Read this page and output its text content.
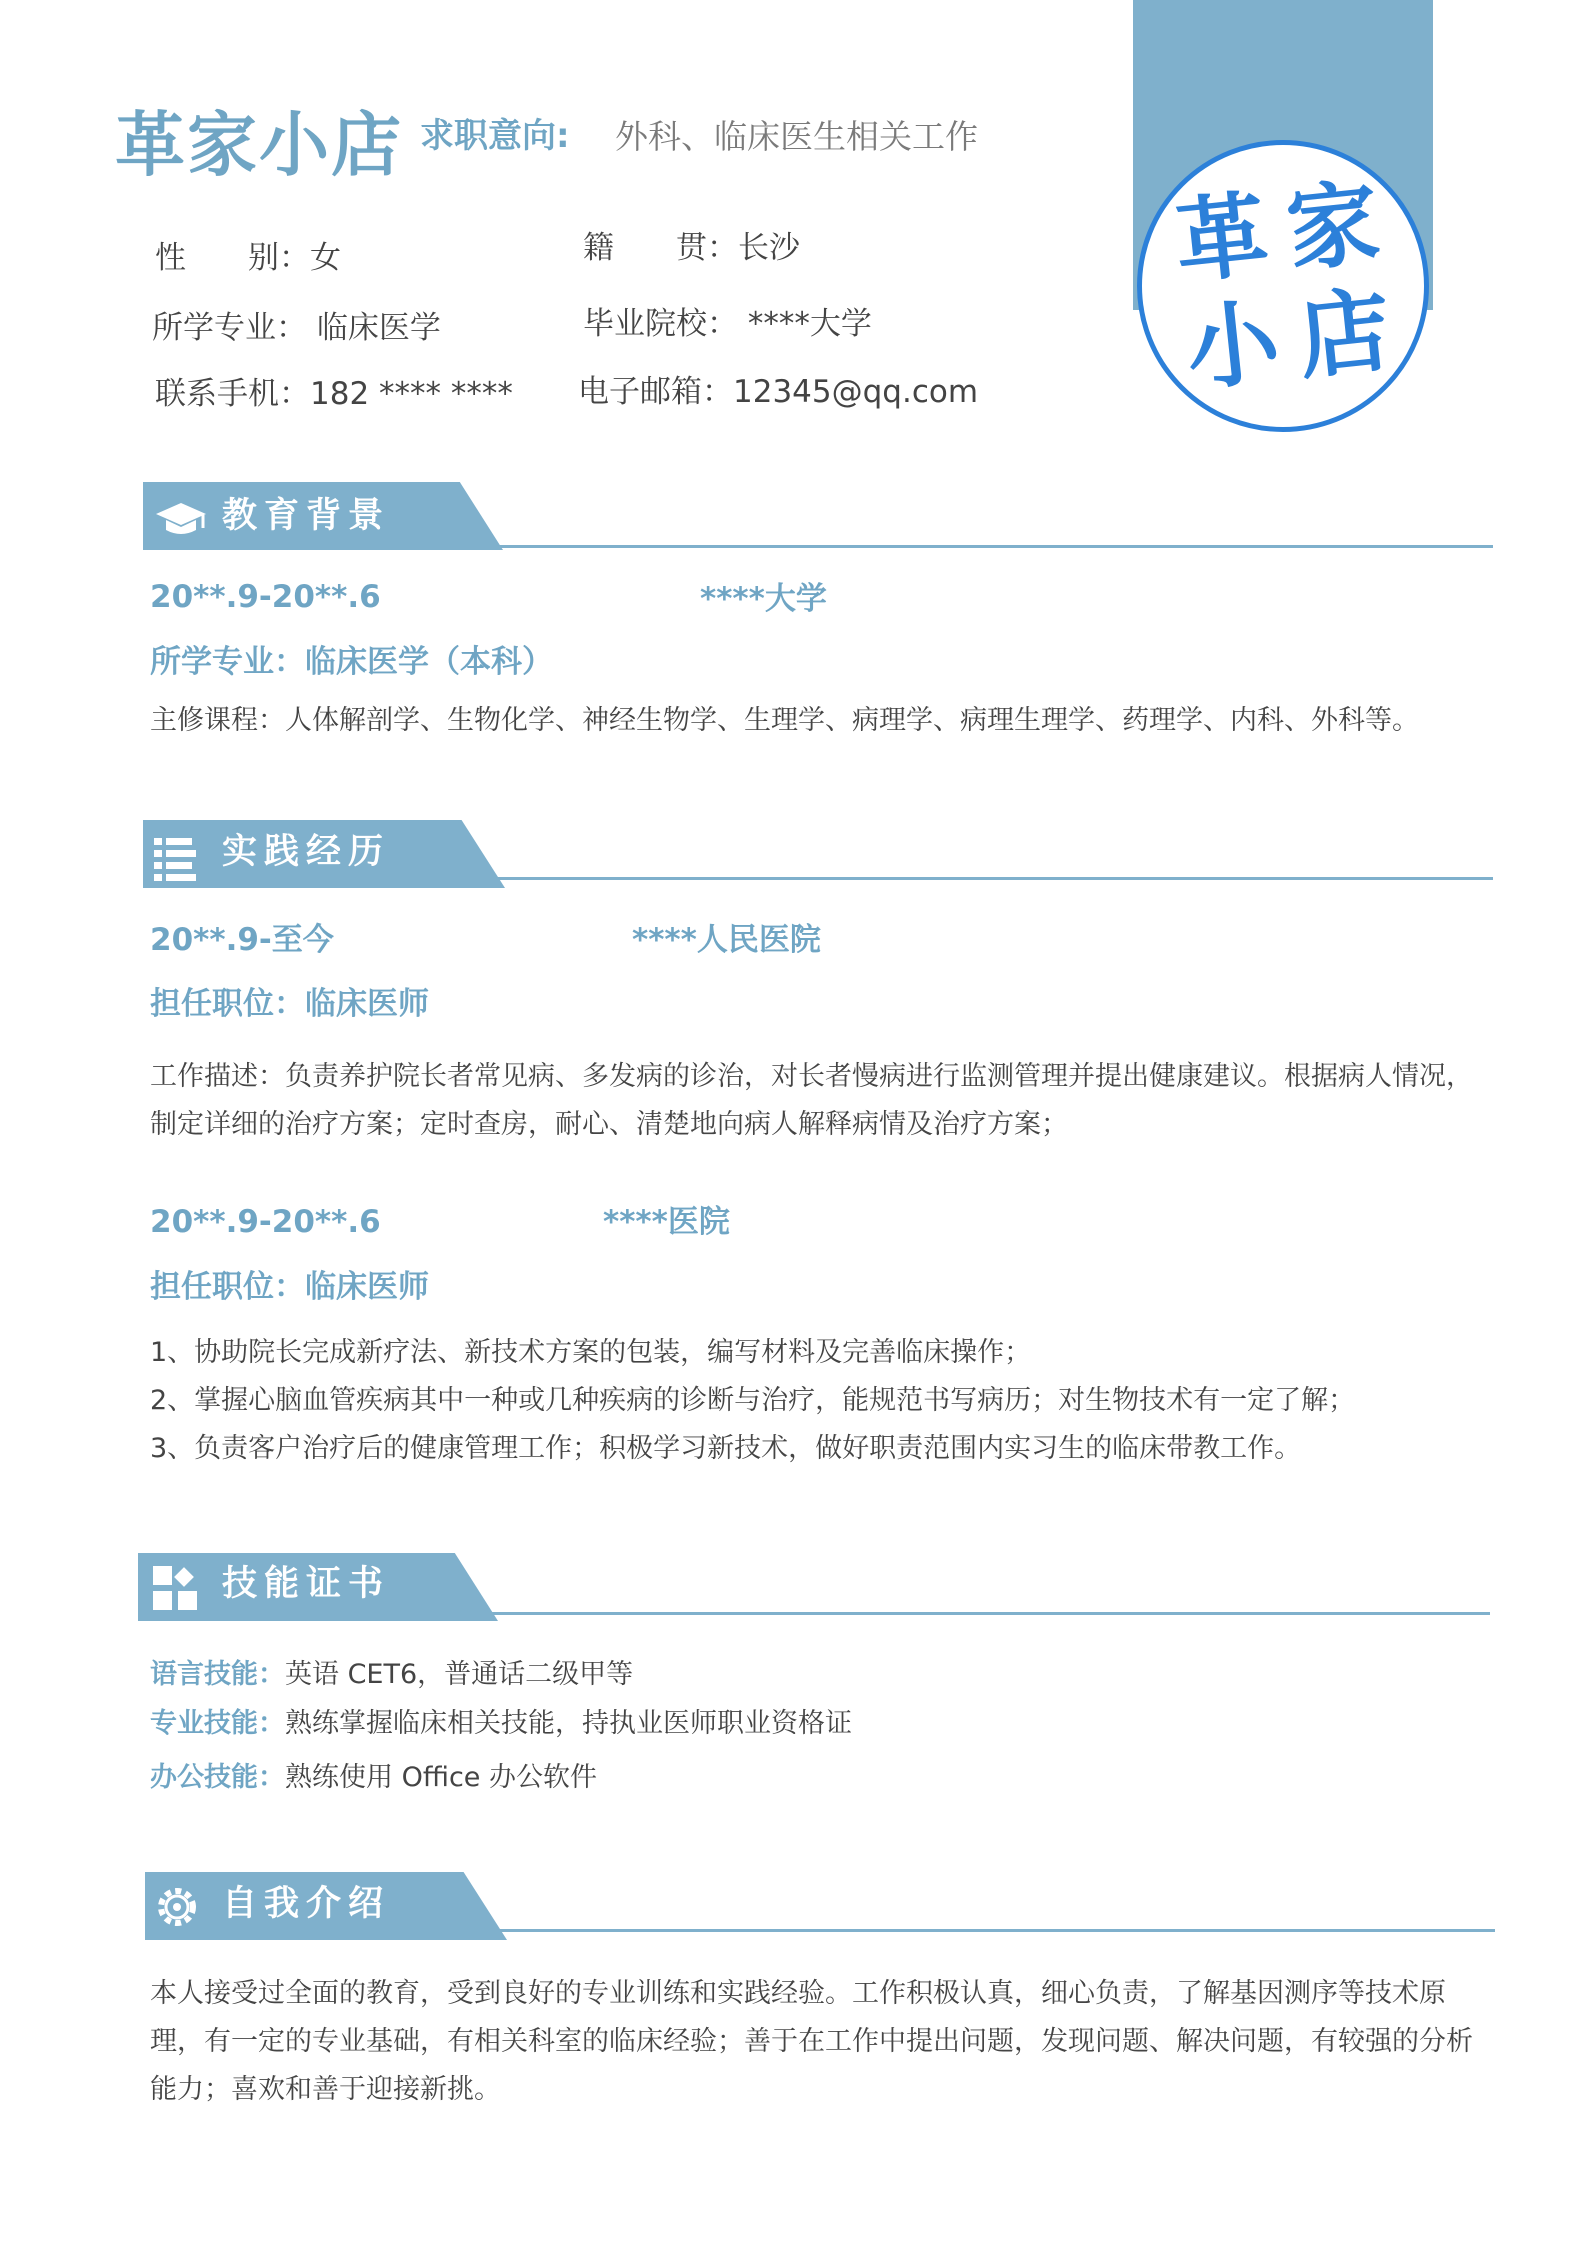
革 家
小 店
革家小店 求职意向: 外科、临床医生相关工作
性　　别：女	籍　　贯：长沙
所学专业： 临床医学	毕业院校： ****大学
联系手机：182 **** **** 电子邮箱：12345@qq.com
教育背景
20**.9-20**.6	****大学
所学专业：临床医学（本科）
主修课程：人体解剖学、生物化学、神经生物学、生理学、病理学、病理生理学、药理学、内科、外科等。
实践经历
20**.9-至今	****人民医院
担任职位：临床医师
工作描述：负责养护院长者常见病、多发病的诊治，对长者慢病进行监测管理并提出健康建议。根据病人情况，制定详细的治疗方案；定时查房，耐心、清楚地向病人解释病情及治疗方案；
20**.9-20**.6	****医院
担任职位：临床医师
1、协助院长完成新疗法、新技术方案的包装，编写材料及完善临床操作；
2、掌握心脑血管疾病其中一种或几种疾病的诊断与治疗，能规范书写病历；对生物技术有一定了解；
3、负责客户治疗后的健康管理工作；积极学习新技术，做好职责范围内实习生的临床带教工作。
技能证书
语言技能：英语 CET6，普通话二级甲等
专业技能：熟练掌握临床相关技能，持执业医师职业资格证
办公技能：熟练使用 Office 办公软件
自我介绍
本人接受过全面的教育，受到良好的专业训练和实践经验。工作积极认真，细心负责，了解基因测序等技术原理，有一定的专业基础，有相关科室的临床经验；善于在工作中提出问题，发现问题、解决问题，有较强的分析能力；喜欢和善于迎接新挑。
